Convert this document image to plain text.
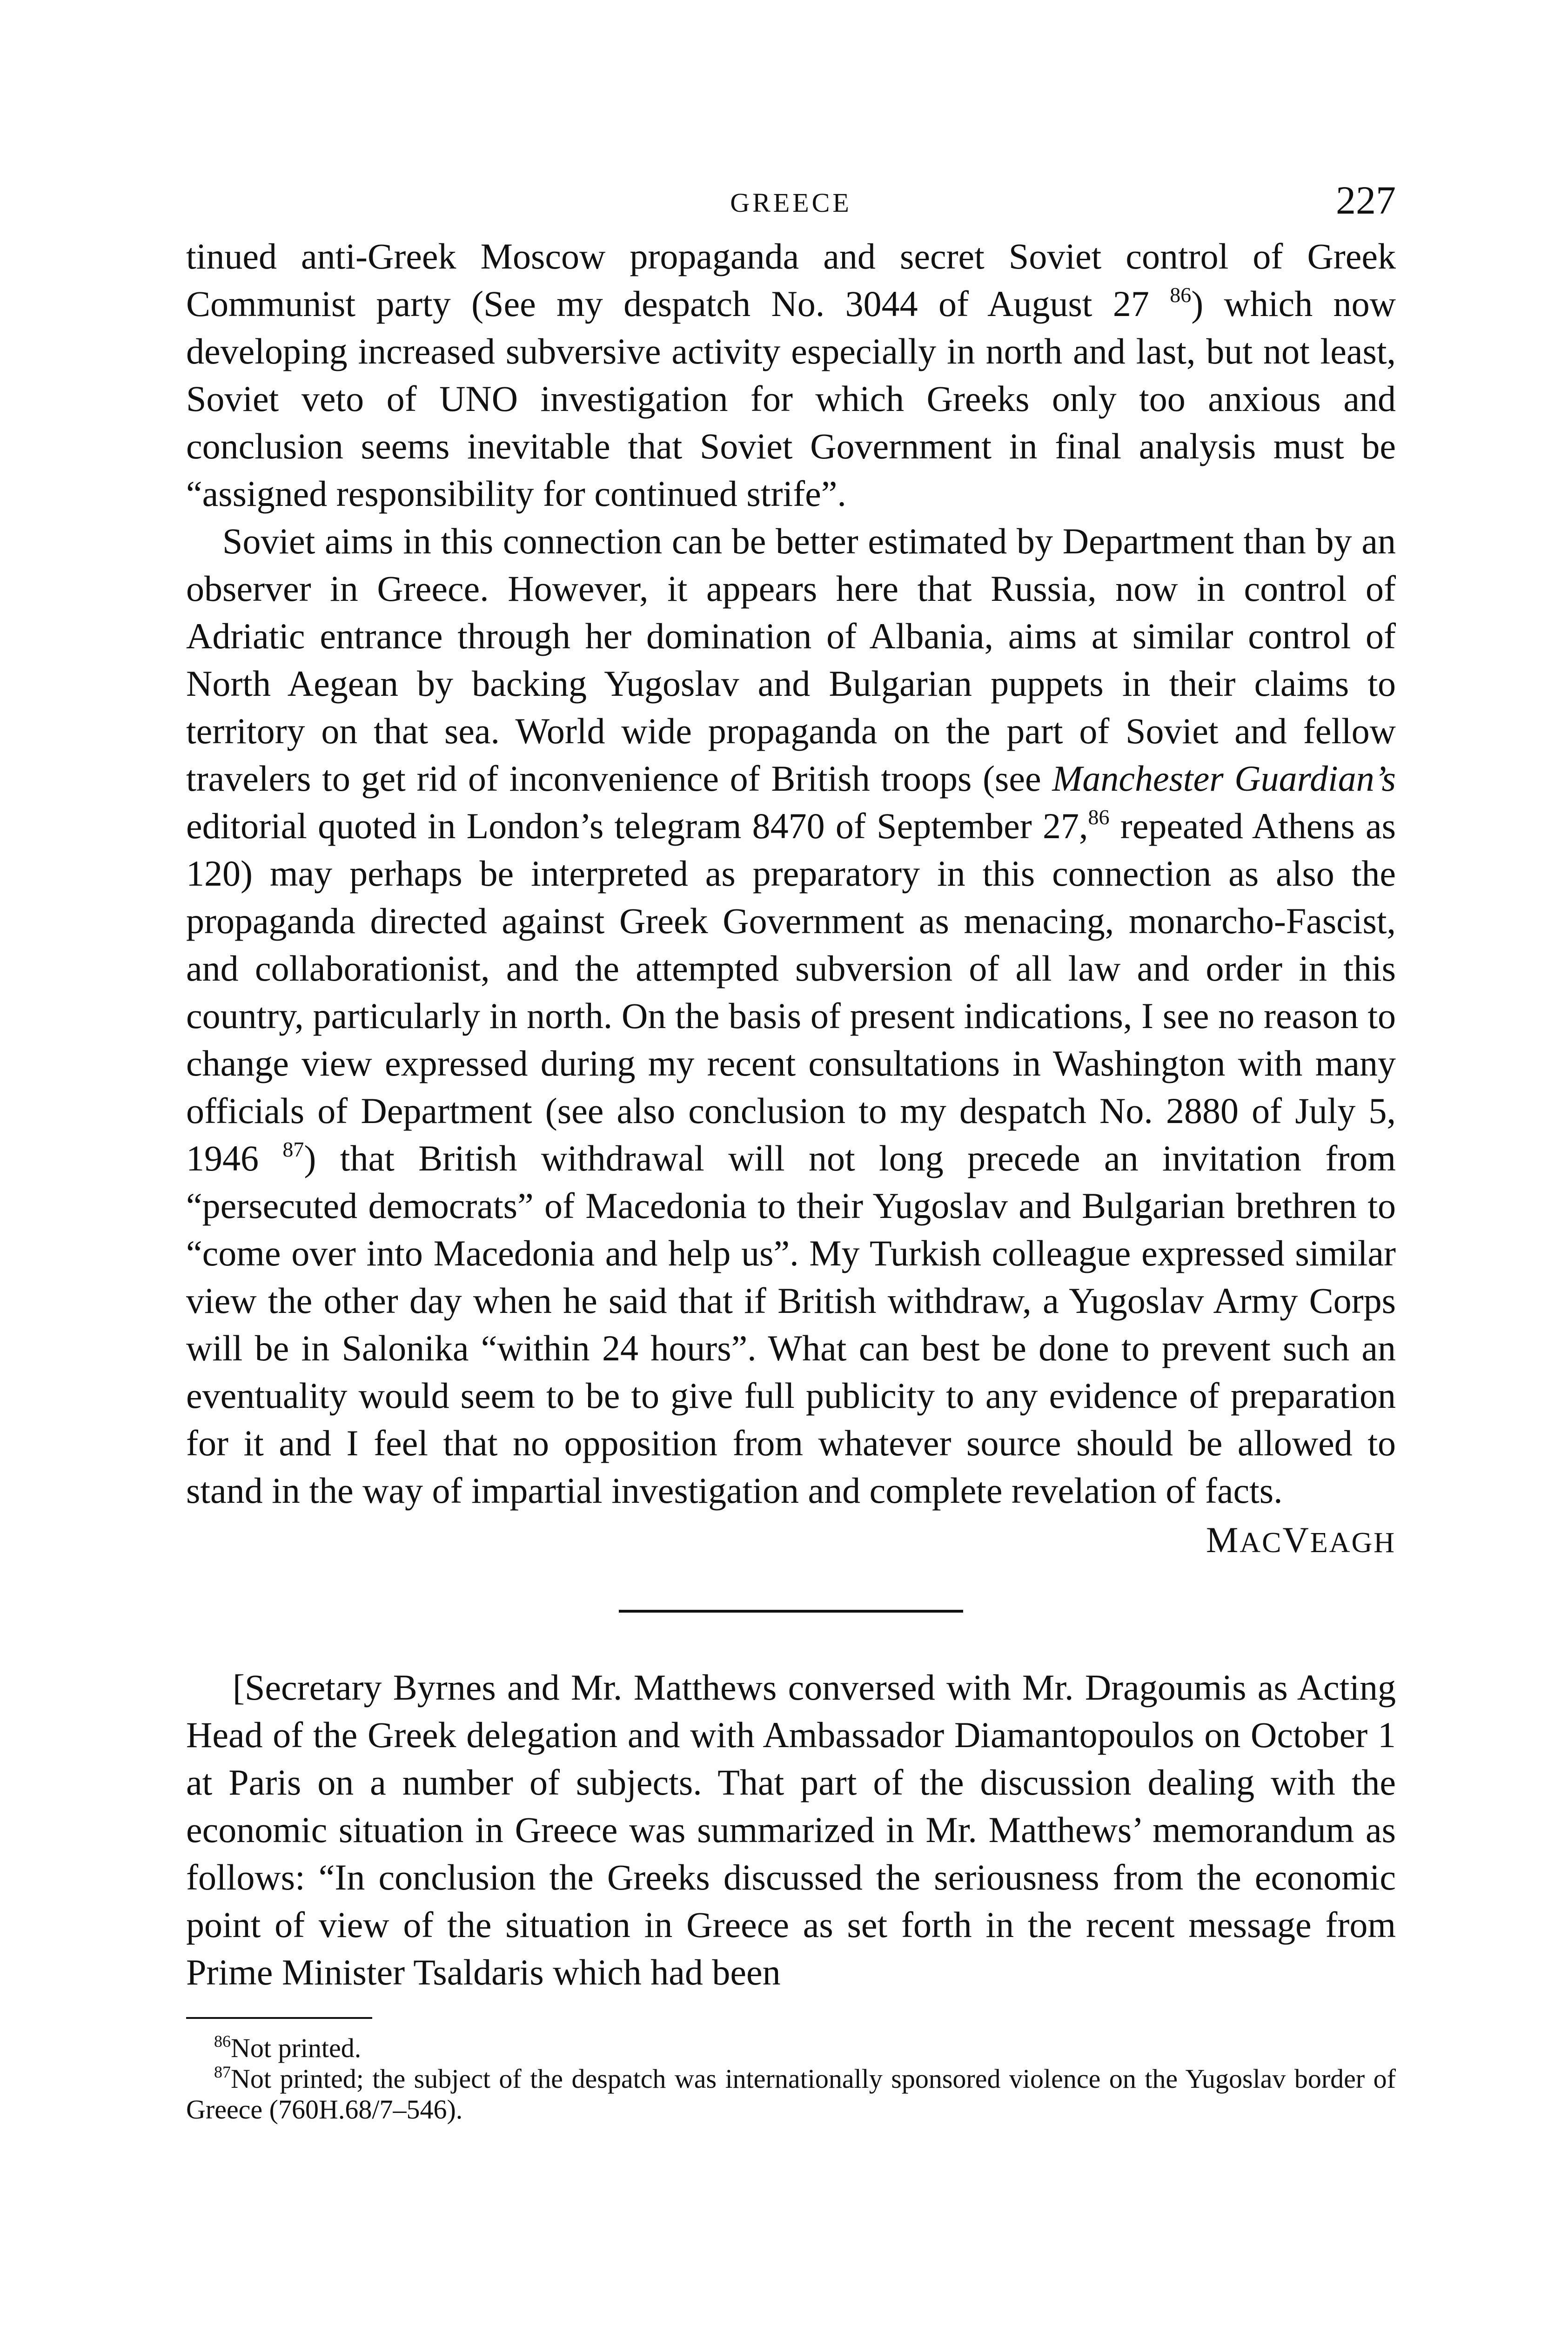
GREECE	227

tinued anti-Greek Moscow propaganda and secret Soviet control of Greek Communist party (See my despatch No. 3044 of August 27 $^{86}$) which now developing increased subversive activity especially in north and last, but not least, Soviet veto of UNO investigation for which Greeks only too anxious and conclusion seems inevitable that Soviet Government in final analysis must be “assigned responsibility for continued strife”.

Soviet aims in this connection can be better estimated by Department than by an observer in Greece. However, it appears here that Russia, now in control of Adriatic entrance through her domination of Albania, aims at similar control of North Aegean by backing Yugoslav and Bulgarian puppets in their claims to territory on that sea. World wide propaganda on the part of Soviet and fellow travelers to get rid of inconvenience of British troops (see Manchester Guardian’s editorial quoted in London’s telegram 8470 of September 27,86 repeated Athens as 120) may perhaps be interpreted as preparatory in this connection as also the propaganda directed against Greek Government as menacing, monarcho-Fascist, and collaborationist, and the attempted subversion of all law and order in this country, particularly in north. On the basis of present indications, I see no reason to change view expressed during my recent consultations in Washington with many officials of Department (see also conclusion to my despatch No. 2880 of July 5, 1946 $^{87}$) that British withdrawal will not long precede an invitation from “persecuted democrats” of Macedonia to their Yugoslav and Bulgarian brethren to “come over into Macedonia and help us”. My Turkish colleague expressed similar view the other day when he said that if British withdraw, a Yugoslav Army Corps will be in Salonika “within 24 hours”. What can best be done to prevent such an eventuality would seem to be to give full publicity to any evidence of preparation for it and I feel that no opposition from whatever source should be allowed to stand in the way of impartial investigation and complete revelation of facts.

MACVEAGH

[Secretary Byrnes and Mr. Matthews conversed with Mr. Dragoumis as Acting Head of the Greek delegation and with Ambassador Diamantopoulos on October 1 at Paris on a number of subjects. That part of the discussion dealing with the economic situation in Greece was summarized in Mr. Matthews’ memorandum as follows: “In conclusion the Greeks discussed the seriousness from the economic point of view of the situation in Greece as set forth in the recent message from Prime Minister Tsaldaris which had been

$^{86}$Not printed.

$^{87}$Not printed; the subject of the despatch was internationally sponsored violence on the Yugoslav border of Greece (760H.68/7–546).
